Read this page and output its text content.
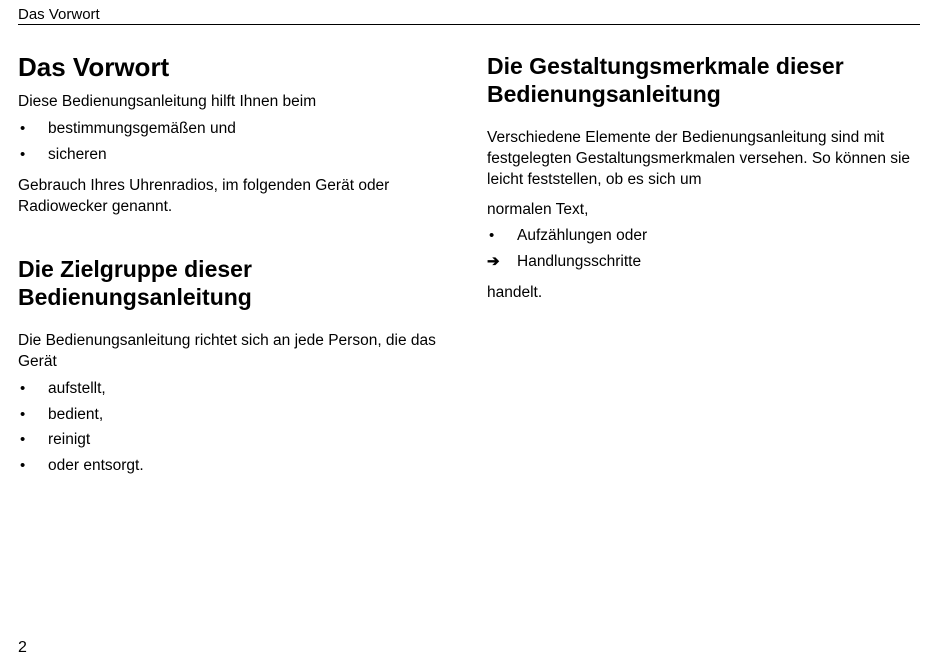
Das Vorwort
Das Vorwort

Diese Bedienungsanleitung hilft Ihnen beim

• bestimmungsgemäßen und
• sicheren

Gebrauch Ihres Uhrenradios, im folgenden Gerät oder Radiowecker genannt.

Die Zielgruppe dieser
Bedienungsanleitung

Die Bedienungsanleitung richtet sich an jede Person, die das Gerät

• aufstellt,
• bedient,
• reinigt
• oder entsorgt.
Die Gestaltungsmerkmale dieser
Bedienungsanleitung

Verschiedene Elemente der Bedienungsanleitung sind mit festgelegten Gestaltungsmerkmalen versehen. So können sie leicht feststellen, ob es sich um

normalen Text,

• Aufzählungen oder
➔ Handlungsschritte

handelt.

2
